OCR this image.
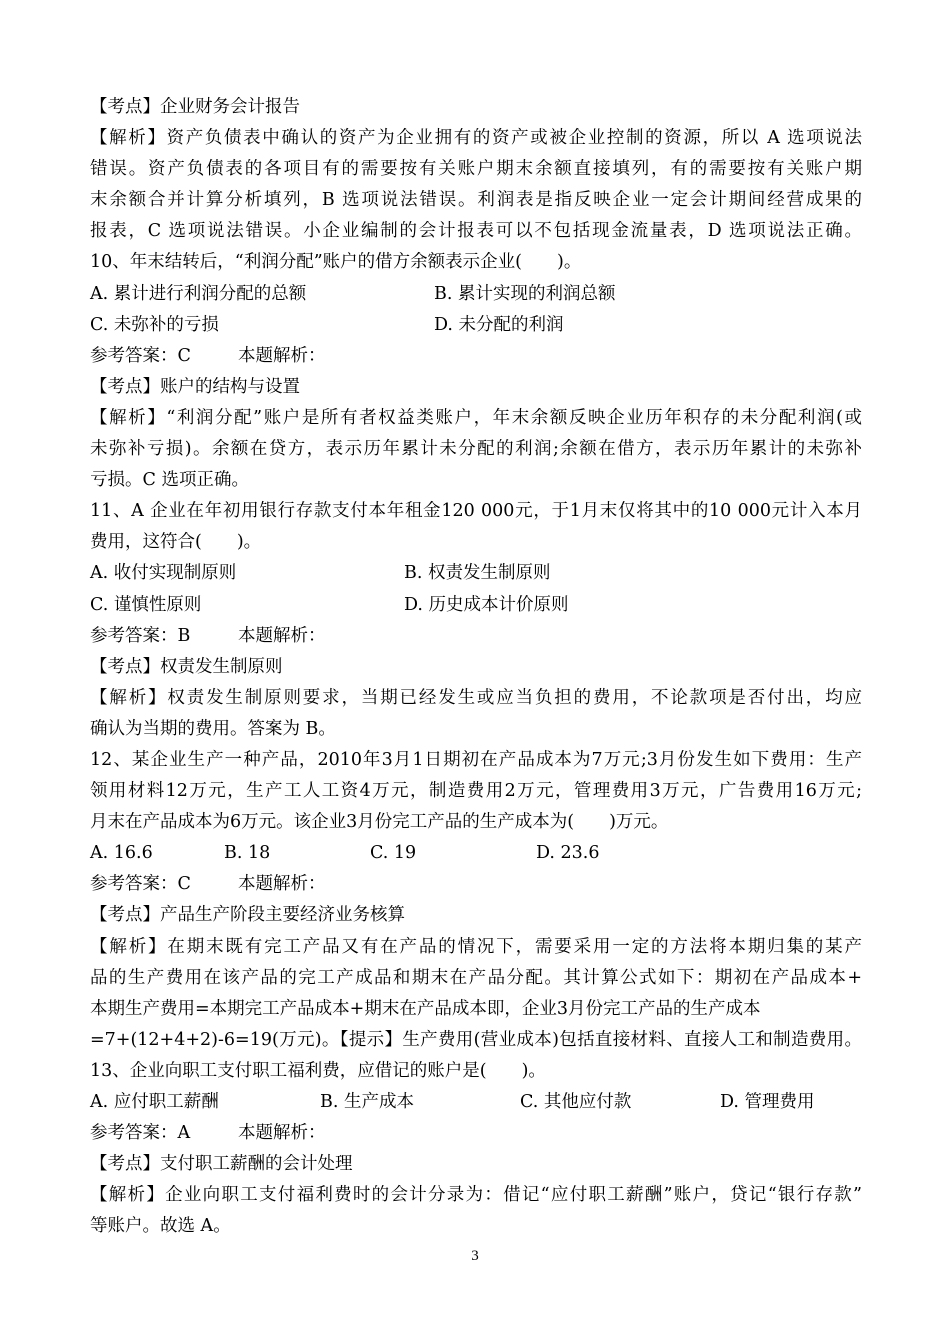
【考点】企业财务会计报告
【解析】资产负债表中确认的资产为企业拥有的资产或被企业控制的资源，所以 A 选项说法
错误。资产负债表的各项目有的需要按有关账户期末余额直接填列，有的需要按有关账户期
末余额合并计算分析填列，B 选项说法错误。利润表是指反映企业一定会计期间经营成果的
报表，C 选项说法错误。小企业编制的会计报表可以不包括现金流量表，D 选项说法正确。
10、年末结转后，“利润分配”账户的借方余额表示企业(　　)。
A. 累计进行利润分配的总额	B. 累计实现的利润总额
C. 未弥补的亏损	D. 未分配的利润
参考答案：C	本题解析：
【考点】账户的结构与设置
【解析】“利润分配”账户是所有者权益类账户，年末余额反映企业历年积存的未分配利润(或
未弥补亏损)。余额在贷方，表示历年累计未分配的利润;余额在借方，表示历年累计的未弥补
亏损。C 选项正确。
11、A 企业在年初用银行存款支付本年租金120 000元，于1月末仅将其中的10 000元计入本月
费用，这符合(　　)。
A. 收付实现制原则	B. 权责发生制原则
C. 谨慎性原则	D. 历史成本计价原则
参考答案：B	本题解析：
【考点】权责发生制原则
【解析】权责发生制原则要求，当期已经发生或应当负担的费用，不论款项是否付出，均应
确认为当期的费用。答案为 B。
12、某企业生产一种产品，2010年3月1日期初在产品成本为7万元;3月份发生如下费用：生产
领用材料12万元，生产工人工资4万元，制造费用2万元，管理费用3万元，广告费用16万元;
月末在产品成本为6万元。该企业3月份完工产品的生产成本为(　　)万元。
A. 16.6	B. 18	C. 19	D. 23.6
参考答案：C	本题解析：
【考点】产品生产阶段主要经济业务核算
【解析】在期末既有完工产品又有在产品的情况下，需要采用一定的方法将本期归集的某产
品的生产费用在该产品的完工产成品和期末在产品分配。其计算公式如下：期初在产品成本+
本期生产费用=本期完工产品成本+期末在产品成本即，企业3月份完工产品的生产成本
=7+(12+4+2)-6=19(万元)。【提示】生产费用(营业成本)包括直接材料、直接人工和制造费用。
13、企业向职工支付职工福利费，应借记的账户是(　　)。
A. 应付职工薪酬	B. 生产成本	C. 其他应付款	D. 管理费用
参考答案：A	本题解析：
【考点】支付职工薪酬的会计处理
【解析】企业向职工支付福利费时的会计分录为：借记“应付职工薪酬”账户，贷记“银行存款”
等账户。故选 A。
3
